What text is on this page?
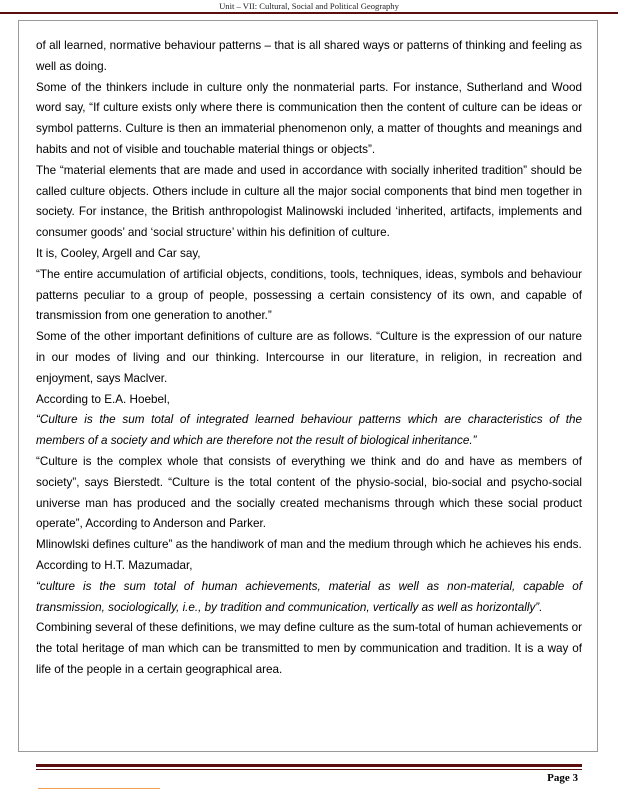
Unit – VII: Cultural, Social and Political Geography

of all learned, normative behaviour patterns – that is all shared ways or patterns of thinking and feeling as well as doing.

Some of the thinkers include in culture only the nonmaterial parts. For instance, Sutherland and Wood word say, “If culture exists only where there is communication then the content of culture can be ideas or symbol patterns. Culture is then an immaterial phenomenon only, a matter of thoughts and meanings and habits and not of visible and touchable material things or objects”.

The “material elements that are made and used in accordance with socially inherited tradition” should be called culture objects. Others include in culture all the major social components that bind men together in society. For instance, the British anthropologist Malinowski included ‘inherited, artifacts, implements and consumer goods’ and ‘social structure’ within his definition of culture.

It is, Cooley, Argell and Car say,

“The entire accumulation of artificial objects, conditions, tools, techniques, ideas, symbols and behaviour patterns peculiar to a group of people, possessing a certain consistency of its own, and capable of transmission from one generation to another.”

Some of the other important definitions of culture are as follows. “Culture is the expression of our nature in our modes of living and our thinking. Intercourse in our literature, in religion, in recreation and enjoyment, says Maclver.

According to E.A. Hoebel,

“Culture is the sum total of integrated learned behaviour patterns which are characteristics of the members of a society and which are therefore not the result of biological inheritance.”

“Culture is the complex whole that consists of everything we think and do and have as members of society”, says Bierstedt. “Culture is the total content of the physio-social, bio-social and psycho-social universe man has produced and the socially created mechanisms through which these social product operate”, According to Anderson and Parker.

Mlinowlski defines culture” as the handiwork of man and the medium through which he achieves his ends.

According to H.T. Mazumadar,

“culture is the sum total of human achievements, material as well as non-material, capable of transmission, sociologically, i.e., by tradition and communication, vertically as well as horizontally”.

Combining several of these definitions, we may define culture as the sum-total of human achievements or the total heritage of man which can be transmitted to men by communication and tradition. It is a way of life of the people in a certain geographical area.

Page 3
